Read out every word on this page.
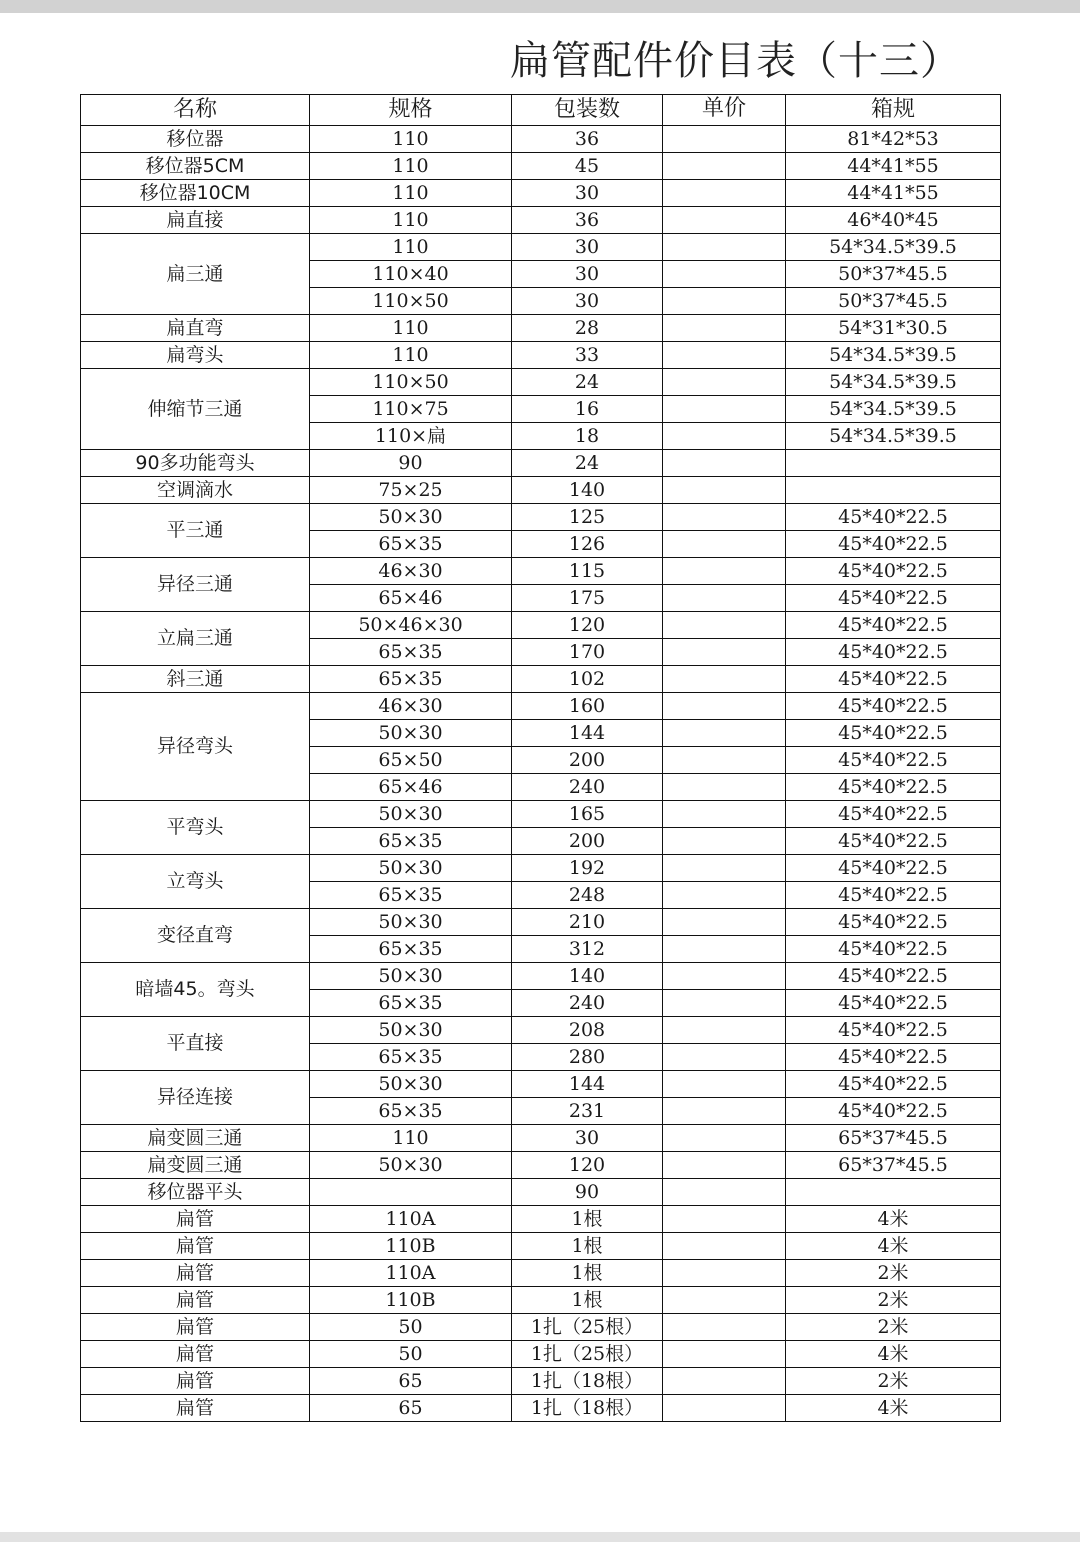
扁管配件价目表（十三）
名称	规格	包装数	单价	箱规
移位器	110	36		81*42*53
移位器5CM	110	45		44*41*55
移位器10CM	110	30		44*41*55
扁直接	110	36		46*40*45
扁三通	110	30		54*34.5*39.5
	110×40	30		50*37*45.5
	110×50	30		50*37*45.5
扁直弯	110	28		54*31*30.5
扁弯头	110	33		54*34.5*39.5
伸缩节三通	110×50	24		54*34.5*39.5
	110×75	16		54*34.5*39.5
	110×扁	18		54*34.5*39.5
90多功能弯头	90	24		
空调滴水	75×25	140		
平三通	50×30	125		45*40*22.5
	65×35	126		45*40*22.5
异径三通	46×30	115		45*40*22.5
	65×46	175		45*40*22.5
立扁三通	50×46×30	120		45*40*22.5
	65×35	170		45*40*22.5
斜三通	65×35	102		45*40*22.5
异径弯头	46×30	160		45*40*22.5
	50×30	144		45*40*22.5
	65×50	200		45*40*22.5
	65×46	240		45*40*22.5
平弯头	50×30	165		45*40*22.5
	65×35	200		45*40*22.5
立弯头	50×30	192		45*40*22.5
	65×35	248		45*40*22.5
变径直弯	50×30	210		45*40*22.5
	65×35	312		45*40*22.5
暗墙45。弯头	50×30	140		45*40*22.5
	65×35	240		45*40*22.5
平直接	50×30	208		45*40*22.5
	65×35	280		45*40*22.5
异径连接	50×30	144		45*40*22.5
	65×35	231		45*40*22.5
扁变圆三通	110	30		65*37*45.5
扁变圆三通	50×30	120		65*37*45.5
移位器平头		90		
扁管	110A	1根		4米
扁管	110B	1根		4米
扁管	110A	1根		2米
扁管	110B	1根		2米
扁管	50	1扎（25根）		2米
扁管	50	1扎（25根）		4米
扁管	65	1扎（18根）		2米
扁管	65	1扎（18根）		4米
